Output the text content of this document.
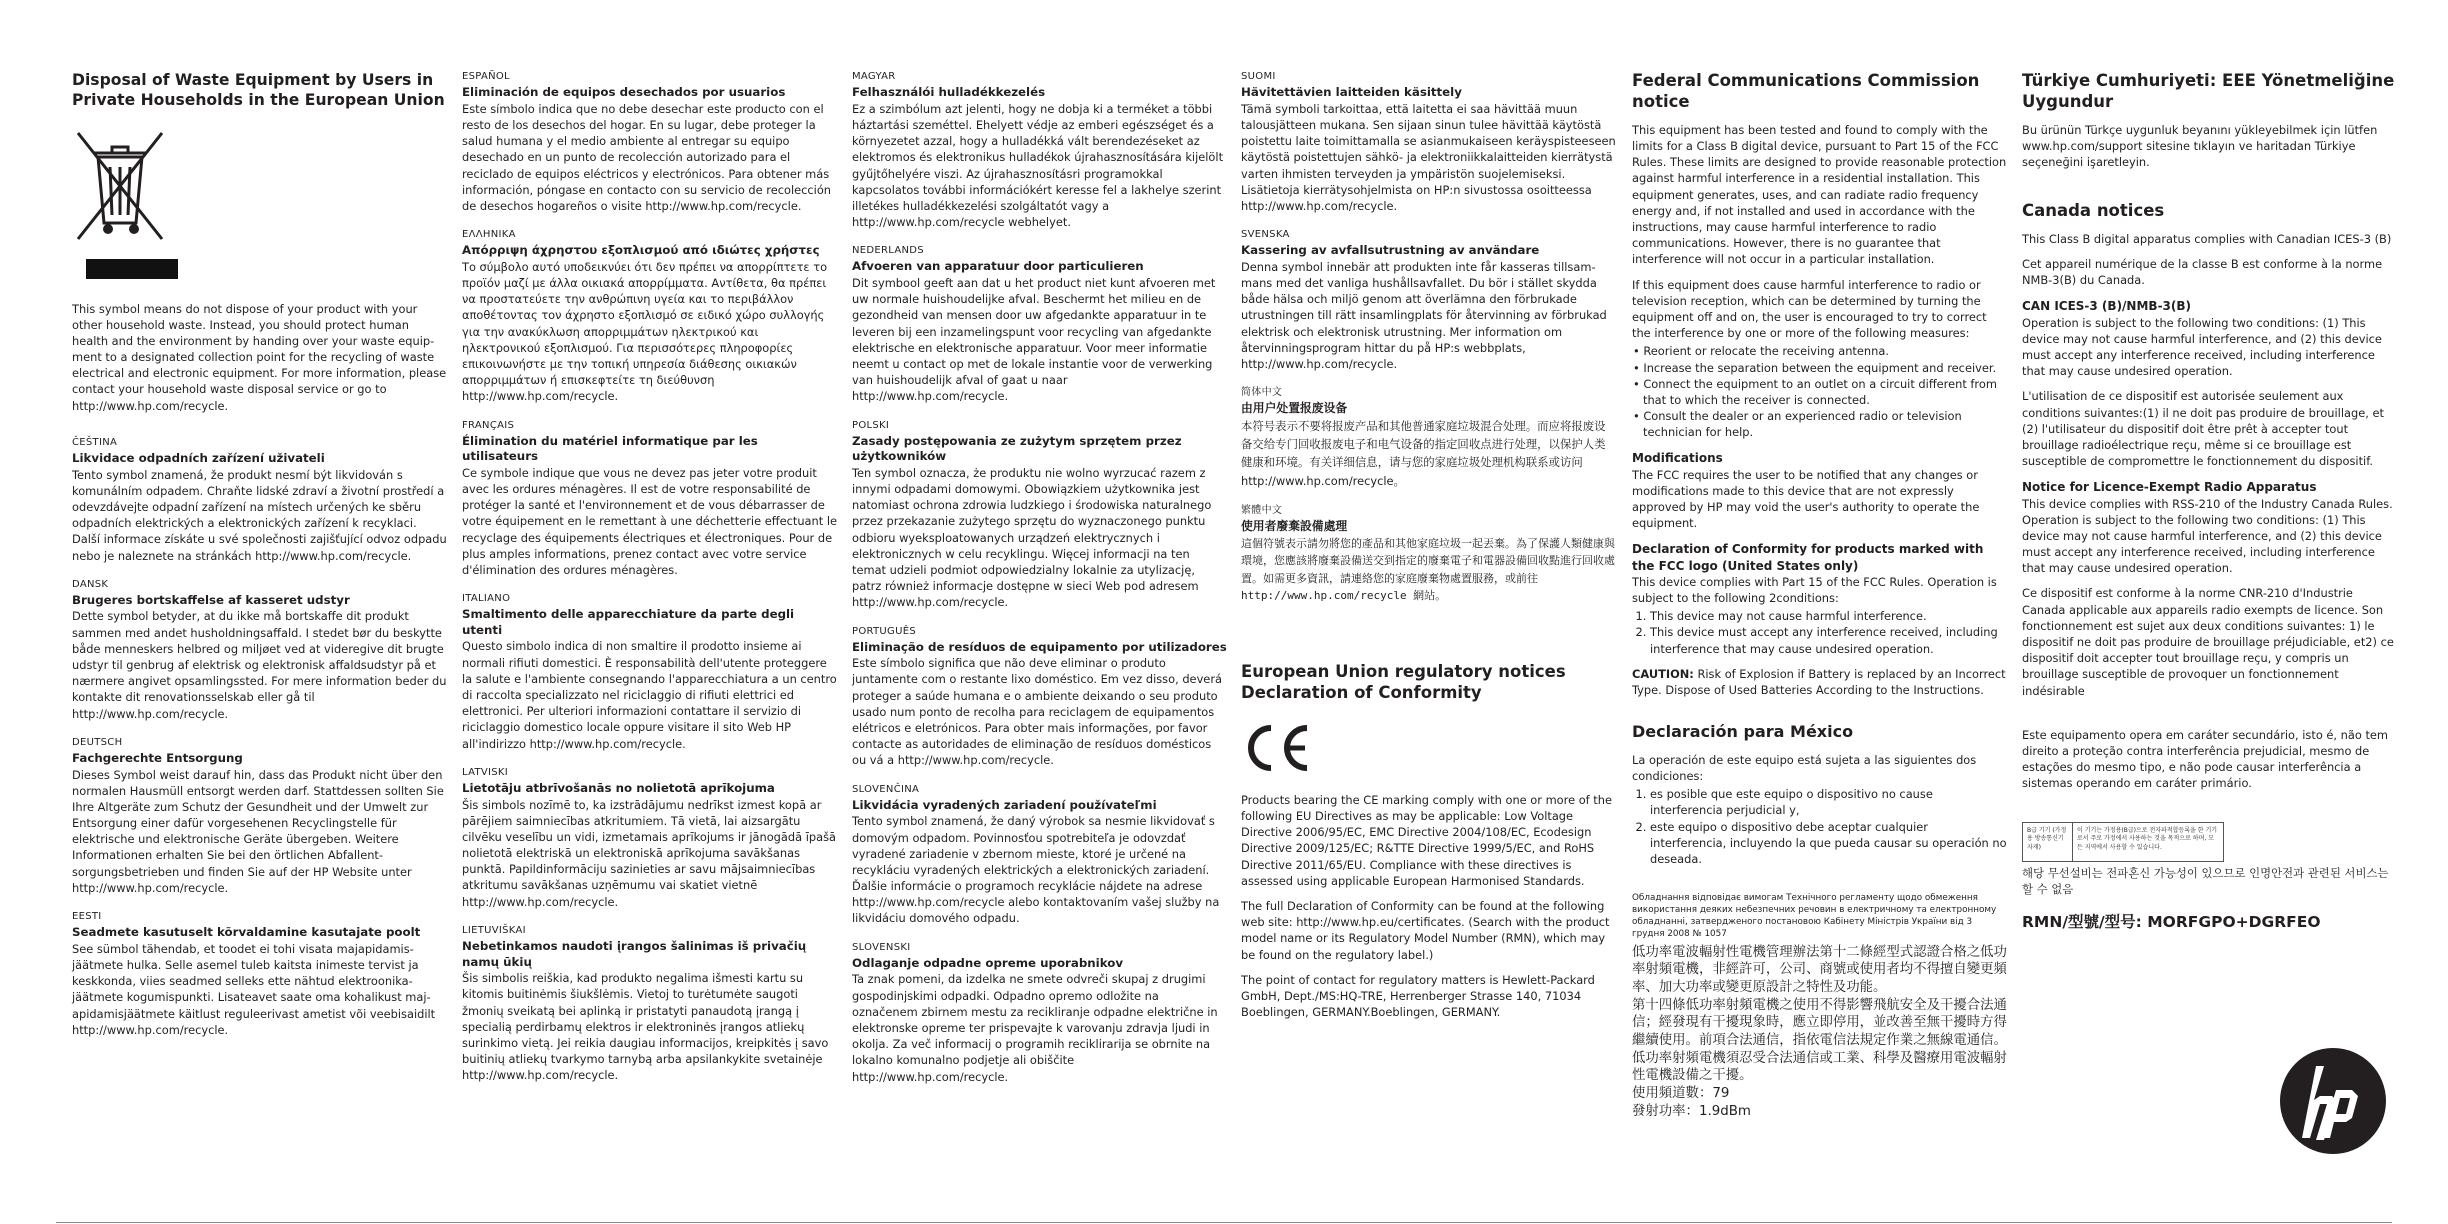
Disposal of Waste Equipment by Users in Private Households in the European Union

This symbol means do not dispose of your product with your other household waste. Instead, you should protect human health and the environment by handing over your waste equipment to a designated collection point for the recycling of waste electrical and electronic equipment. For more information, please contact your household waste disposal service or go to http://www.hp.com/recycle.

ČEŠTINA
Likvidace odpadních zařízení uživateli

Tento symbol znamená, že produkt nesmí být likvidován s komunálním odpadem. Chraňte lidské zdraví a životní prostředí a odevzdávejte odpadní zařízení na místech určených ke sběru odpadních elektrických a elektronických zařízení k recyklaci. Další informace získáte u své společnosti zajišťující odvoz odpadu nebo je naleznete na stránkách http://www.hp.com/recycle.

DANSK
Brugeres bortskaffelse af kasseret udstyr

Dette symbol betyder, at du ikke må bortskaffe dit produkt sammen med andet husholdningsaffald. I stedet bør du beskytte både menneskers helbred og miljøet ved at videregive dit brugte udstyr til genbrug af elektrisk og elektronisk affaldsudstyr på et nærmere angivet opsamlingssted. For mere information beder du kontakte dit renovationsselskab eller gå til http://www.hp.com/recycle.

DEUTSCH
Fachgerechte Entsorgung

Dieses Symbol weist darauf hin, dass das Produkt nicht über den normalen Hausmüll entsorgt werden darf. Stattdessen sollten Sie Ihre Altgeräte zum Schutz der Gesundheit und der Umwelt zur Entsorgung einer dafür vorgesehenen Recyclingstelle für elektrische und elektronische Geräte übergeben. Weitere Informationen erhalten Sie bei den örtlichen Abfallentsorgungsbetrieben und finden Sie auf der HP Website unter http://www.hp.com/recycle.

EESTI
Seadmete kasutuselt kõrvaldamine kasutajate poolt

See sümbol tähendab, et toodet ei tohi visata majapidamisjäätmete hulka. Selle asemel tuleb kaitsta inimeste tervist ja keskkonda, viies seadmed selleks ette nähtud elektroonikajäätmete kogumispunkti. Lisateavet saate oma kohalikust majapidamisjäätmete käitlust reguleerivast ametist või veebisaidilt http://www.hp.com/recycle.

ESPAÑOL
Eliminación de equipos desechados por usuarios

Este símbolo indica que no debe desechar este producto con el resto de los desechos del hogar. En su lugar, debe proteger la salud humana y el medio ambiente al entregar su equipo desechado en un punto de recolección autorizado para el reciclado de equipos eléctricos y electrónicos. Para obtener más información, póngase en contacto con su servicio de recolección de desechos hogareños o visite http://www.hp.com/recycle.

ΕΛΛΗΝΙΚΑ
Απόρριψη άχρηστου εξοπλισμού από ιδιώτες χρήστες

Το σύμβολο αυτό υποδεικνύει ότι δεν πρέπει να απορρίπτετε το προϊόν μαζί με άλλα οικιακά απορρίμματα. Αντίθετα, θα πρέπει να προστατεύετε την ανθρώπινη υγεία και το περιβάλλον αποθέτοντας τον άχρηστο εξοπλισμό σε ειδικό χώρο συλλογής για την ανακύκλωση απορριμμάτων ηλεκτρικού και ηλεκτρονικού εξοπλισμού. Για περισσότερες πληροφορίες επικοινωνήστε με την τοπική υπηρεσία διάθεσης οικιακών απορριμμάτων ή επισκεφτείτε τη διεύθυνση http://www.hp.com/recycle.

FRANÇAIS
Élimination du matériel informatique par les utilisateurs

Ce symbole indique que vous ne devez pas jeter votre produit avec les ordures ménagères. Il est de votre responsabilité de protéger la santé et l'environnement et de vous débarrasser de votre équipement en le remettant à une déchetterie effectuant le recyclage des équipements électriques et électroniques. Pour de plus amples informations, prenez contact avec votre service d'élimination des ordures ménagères.

ITALIANO
Smaltimento delle apparecchiature da parte degli utenti

Questo simbolo indica di non smaltire il prodotto insieme ai normali rifiuti domestici. È responsabilità dell'utente proteggere la salute e l'ambiente consegnando l'apparecchiatura a un centro di raccolta specializzato nel riciclaggio di rifiuti elettrici ed elettronici. Per ulteriori informazioni contattare il servizio di riciclaggio domestico locale oppure visitare il sito Web HP all'indirizzo http://www.hp.com/recycle.

LATVISKI
Lietotāju atbrīvošanās no nolietotā aprīkojuma

Šis simbols nozīmē to, ka izstrādājumu nedrīkst izmest kopā ar pārējiem saimniecības atkritumiem. Tā vietā, lai aizsargātu cilvēku veselību un vidi, izmetamais aprīkojums ir jānogādā īpašā nolietotā elektriskā un elektroniskā aprīkojuma savākšanas punktā. Papildinformāciju sazinieties ar savu mājsaimniecības atkritumu savākšanas uzņēmumu vai skatiet vietnē http://www.hp.com/recycle.

LIETUVIŠKAI
Nebetinkamos naudoti įrangos šalinimas iš privačių namų ūkių

Šis simbolis reiškia, kad produkto negalima išmesti kartu su kitomis buitinėmis šiukšlėmis. Vietoj to turėtumėte saugoti žmonių sveikatą bei aplinką ir pristatyti panaudotą įrangą į specialią perdirbamų elektros ir elektroninės įrangos atliekų surinkimo vietą. Jei reikia daugiau informacijos, kreipkitės į savo buitinių atliekų tvarkymo tarnybą arba apsilankykite svetainėje http://www.hp.com/recycle.

MAGYAR
Felhasználói hulladékkezelés

Ez a szimbólum azt jelenti, hogy ne dobja ki a terméket a többi háztartási szeméttel. Ehelyett védje az emberi egészséget és a környezetet azzal, hogy a hulladékká vált berendezéseket az elektromos és elektronikus hulladékok újrahasznosítására kijelölt gyűjtőhelyére viszi. Az újrahasznosításri programokkal kapcsolatos további információkért keresse fel a lakhelye szerint illetékes hulladékkezelési szolgáltatót vagy a http://www.hp.com/recycle webhelyet.

NEDERLANDS
Afvoeren van apparatuur door particulieren

Dit symbool geeft aan dat u het product niet kunt afvoeren met uw normale huishoudelijke afval. Beschermt het milieu en de gezondheid van mensen door uw afgedankte apparatuur in te leveren bij een inzamelingspunt voor recycling van afgedankte elektrische en elektronische apparatuur. Voor meer informatie neemt u contact op met de lokale instantie voor de verwerking van huishoudelijk afval of gaat u naar http://www.hp.com/recycle.

POLSKI
Zasady postępowania ze zużytym sprzętem przez użytkowników

Ten symbol oznacza, że produktu nie wolno wyrzucać razem z innymi odpadami domowymi. Obowiązkiem użytkownika jest natomiast ochrona zdrowia ludzkiego i środowiska naturalnego przez przekazanie zużytego sprzętu do wyznaczonego punktu odbioru wyeksploatowanych urządzeń elektrycznych i elektronicznych w celu recyklingu. Więcej informacji na ten temat udzieli podmiot odpowiedzialny lokalnie za utylizację, patrz również informacje dostępne w sieci Web pod adresem http://www.hp.com/recycle.

PORTUGUÊS
Eliminação de resíduos de equipamento por utilizadores

Este símbolo significa que não deve eliminar o produto juntamente com o restante lixo doméstico. Em vez disso, deverá proteger a saúde humana e o ambiente deixando o seu produto usado num ponto de recolha para reciclagem de equipamentos elétricos e eletrónicos. Para obter mais informações, por favor contacte as autoridades de eliminação de resíduos domésticos ou vá a http://www.hp.com/recycle.

SLOVENČINA
Likvidácia vyradených zariadení používateľmi

Tento symbol znamená, že daný výrobok sa nesmie likvidovať s domovým odpadom. Povinnosťou spotrebiteľa je odovzdať vyradené zariadenie v zbernom mieste, ktoré je určené na recykláciu vyradených elektrických a elektronických zariadení. Ďalšie informácie o programoch recyklácie nájdete na adrese http://www.hp.com/recycle alebo kontaktovaním vašej služby na likvidáciu domového odpadu.

SLOVENSKI
Odlaganje odpadne opreme uporabnikov

Ta znak pomeni, da izdelka ne smete odvreči skupaj z drugimi gospodinjskimi odpadki. Odpadno opremo odložite na označenem zbirnem mestu za recikliranje odpadne električne in elektronske opreme ter prispevajte k varovanju zdravja ljudi in okolja. Za več informacij o programih reciklirarija se obrnite na lokalno komunalno podjetje ali obiščite http://www.hp.com/recycle.

SUOMI
Hävitettävien laitteiden käsittely

Tämä symboli tarkoittaa, että laitetta ei saa hävittää muun talousjätteen mukana. Sen sijaan sinun tulee hävittää käytöstä poistettu laite toimittamalla se asianmukaiseen keräyspisteeseen käytöstä poistettujen sähkö- ja elektroniikkalaitteiden kierrätystä varten ihmisten terveyden ja ympäristön suojelemiseksi. Lisätietoja kierrätysohjelmista on HP:n sivustossa osoitteessa http://www.hp.com/recycle.

SVENSKA
Kassering av avfallsutrustning av användare

Denna symbol innebär att produkten inte får kasseras tillsammans med det vanliga hushållsavfallet. Du bör i stället skydda både hälsa och miljö genom att överlämna den förbrukade utrustningen till rätt insamlingplats för återvinning av förbrukad elektrisk och elektronisk utrustning. Mer information om återvinningsprogram hittar du på HP:s webbplats, http://www.hp.com/recycle.

简体中文
由用户处置报废设备

本符号表示不要将报废产品和其他普通家庭垃圾混合处理。而应将报废设备交给专门回收报废电子和电气设备的指定回收点进行处理，以保护人类健康和环境。有关详细信息，请与您的家庭垃圾处理机构联系或访问 http://www.hp.com/recycle。

繁體中文
使用者廢棄設備處理

這個符號表示請勿將您的產品和其他家庭垃圾一起丟棄。為了保護人類健康與環境，您應該將廢棄設備送交到指定的廢棄電子和電器設備回收點進行回收處置。如需更多資訊，請連絡您的家庭廢棄物處置服務，或前往 http://www.hp.com/recycle 網站。

European Union regulatory notices Declaration of Conformity
CE

Products bearing the CE marking comply with one or more of the following EU Directives as may be applicable: Low Voltage Directive 2006/95/EC, EMC Directive 2004/108/EC, Ecodesign Directive 2009/125/EC; R&TTE Directive 1999/5/EC, and RoHS Directive 2011/65/EU. Compliance with these directives is assessed using applicable European Harmonised Standards.

The full Declaration of Conformity can be found at the following web site: http://www.hp.eu/certificates. (Search with the product model name or its Regulatory Model Number (RMN), which may be found on the regulatory label.)

The point of contact for regulatory matters is Hewlett-Packard GmbH, Dept./MS:HQ-TRE, Herrenberger Strasse 140, 71034 Boeblingen, GERMANY.Boeblingen, GERMANY.

Federal Communications Commission notice

This equipment has been tested and found to comply with the limits for a Class B digital device, pursuant to Part 15 of the FCC Rules. These limits are designed to provide reasonable protection against harmful interference in a residential installation. This equipment generates, uses, and can radiate radio frequency energy and, if not installed and used in accordance with the instructions, may cause harmful interference to radio communications. However, there is no guarantee that interference will not occur in a particular installation.

If this equipment does cause harmful interference to radio or television reception, which can be determined by turning the equipment off and on, the user is encouraged to try to correct the interference by one or more of the following measures:

• Reorient or relocate the receiving antenna.
• Increase the separation between the equipment and receiver.
• Connect the equipment to an outlet on a circuit different from that to which the receiver is connected.
• Consult the dealer or an experienced radio or television technician for help.
Modifications

The FCC requires the user to be notified that any changes or modifications made to this device that are not expressly approved by HP may void the user's authority to operate the equipment.

Declaration of Conformity for products marked with the FCC logo (United States only)

This device complies with Part 15 of the FCC Rules. Operation is subject to the following 2conditions:

1. This device may not cause harmful interference.
2. This device must accept any interference received, including interference that may cause undesired operation.

CAUTION: Risk of Explosion if Battery is replaced by an Incorrect Type. Dispose of Used Batteries According to the Instructions.

Declaración para México

La operación de este equipo está sujeta a las siguientes dos condiciones:

1. es posible que este equipo o dispositivo no cause interferencia perjudicial y,
2. este equipo o dispositivo debe aceptar cualquier interferencia, incluyendo la que pueda causar su operación no deseada.

Обладнання відповідає вимогам Технічного регламенту щодо обмеження використання деяких небезпечних речовин в електричному та електронному обладнанні, затвердженого постановою Кабінету Міністрів України від 3 грудня 2008 № 1057

低功率電波輻射性電機管理辦法第十二條經型式認證合格之低功率射頻電機，非經許可，公司、商號或使用者均不得擅自變更頻率、加大功率或變更原設計之特性及功能。

第十四條低功率射頻電機之使用不得影響飛航安全及干擾合法通信；經發現有干擾現象時，應立即停用，並改善至無干擾時方得繼續使用。前項合法通信，指依電信法規定作業之無線電通信。低功率射頻電機須忍受合法通信或工業、科學及醫療用電波輻射性電機設備之干擾。

使用頻道數：79

發射功率：1.9dBm

Türkiye Cumhuriyeti: EEE Yönetmeliğine Uygundur

Bu ürünün Türkçe uygunluk beyanını yükleyebilmek için lütfen www.hp.com/support sitesine tıklayın ve haritadan Türkiye seçeneğini işaretleyin.

Canada notices

This Class B digital apparatus complies with Canadian ICES-3 (B)

Cet appareil numérique de la classe B est conforme à la norme NMB-3(B) du Canada.

CAN ICES-3 (B)/NMB-3(B)

Operation is subject to the following two conditions: (1) This device may not cause harmful interference, and (2) this device must accept any interference received, including interference that may cause undesired operation.

L'utilisation de ce dispositif est autorisée seulement aux conditions suivantes:(1) il ne doit pas produire de brouillage, et (2) l'utilisateur du dispositif doit être prêt à accepter tout brouillage radioélectrique reçu, même si ce brouillage est susceptible de compromettre le fonctionnement du dispositif.

Notice for Licence-Exempt Radio Apparatus

This device complies with RSS-210 of the Industry Canada Rules. Operation is subject to the following two conditions: (1) This device may not cause harmful interference, and (2) this device must accept any interference received, including interference that may cause undesired operation.

Ce dispositif est conforme à la norme CNR-210 d'Industrie Canada applicable aux appareils radio exempts de licence. Son fonctionnement est sujet aux deux conditions suivantes: 1) le dispositif ne doit pas produire de brouillage préjudiciable, et2) ce dispositif doit accepter tout brouillage reçu, y compris un brouillage susceptible de provoquer un fonctionnement indésirable

Este equipamento opera em caráter secundário, isto é, não tem direito a proteção contra interferência prejudicial, mesmo de estações do mesmo tipo, e não pode causar interferência a sistemas operando em caráter primário.

B급 기기 (가정용 방송통신기자재)
이 기기는 가정용(B급)으로 전자파적합등록을 한 기기로서 주로 가정에서 사용하는 것을 목적으로 하며, 모든 지역에서 사용할 수 있습니다.

해당 무선설비는 전파혼신 가능성이 있으므로 인명안전과 관련된 서비스는 할 수 없음

RMN/型號/型号: MORFGPO+DGRFEO
